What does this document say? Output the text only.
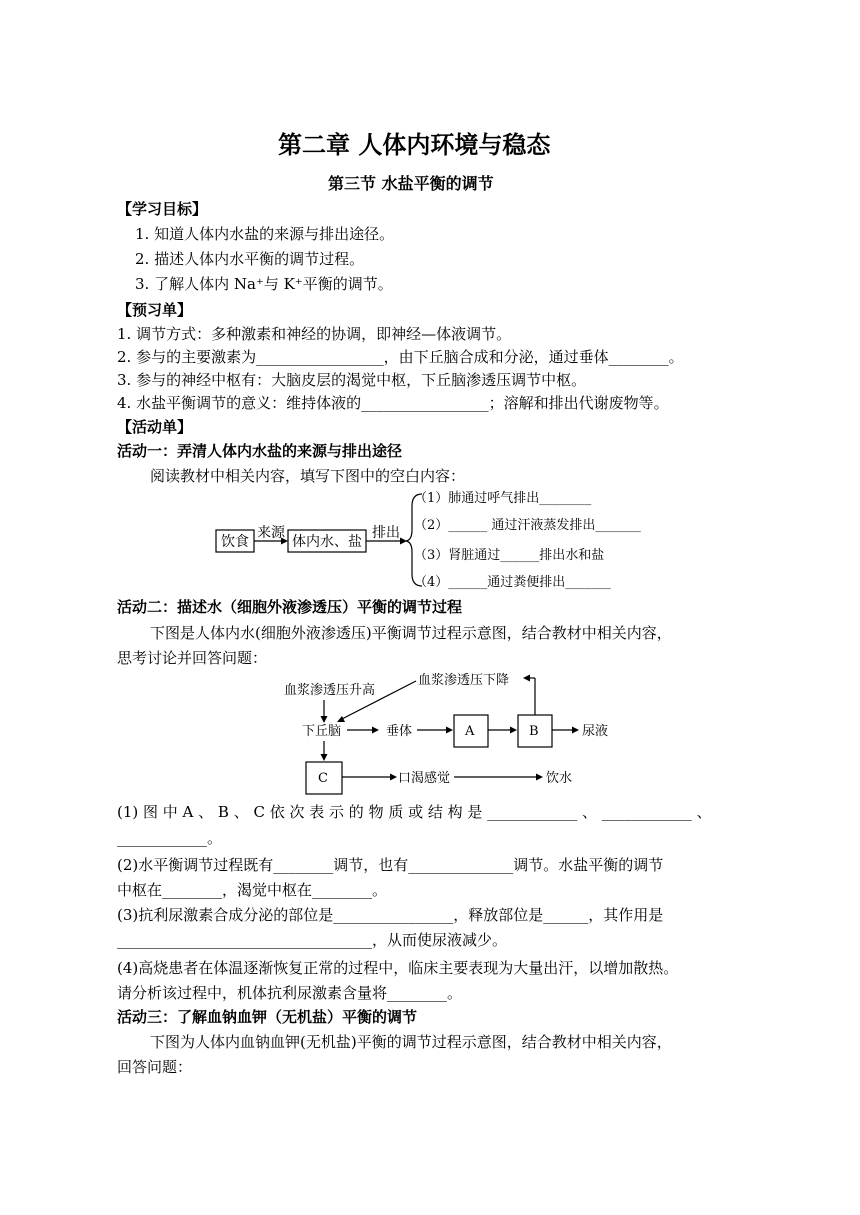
第二章 人体内环境与稳态
第三节 水盐平衡的调节
【学习目标】
1. 知道人体内水盐的来源与排出途径。
2. 描述人体内水平衡的调节过程。
3. 了解人体内 Na⁺与 K⁺平衡的调节。
【预习单】
1. 调节方式：多种激素和神经的协调，即神经—体液调节。
2. 参与的主要激素为_________________，由下丘脑合成和分泌，通过垂体________。
3. 参与的神经中枢有：大脑皮层的渴觉中枢，下丘脑渗透压调节中枢。
4. 水盐平衡调节的意义：维持体液的_________________；溶解和排出代谢废物等。
【活动单】
活动一：弄清人体内水盐的来源与排出途径
阅读教材中相关内容，填写下图中的空白内容：
饮食
来源
体内水、盐
排出
（1）肺通过呼气排出________
（2）______ 通过汗液蒸发排出_______
（3）肾脏通过______排出水和盐
（4）______通过粪便排出_______
活动二：描述水（细胞外液渗透压）平衡的调节过程
下图是人体内水(细胞外液渗透压)平衡调节过程示意图，结合教材中相关内容，
思考讨论并回答问题：
血浆渗透压升高
血浆渗透压下降
下丘脑	垂体	A	B	尿液
C	口渴感觉	饮水
(1) 图 中 A 、 B 、 C 依 次 表 示 的 物 质 或 结 构 是 ____________ 、 ____________ 、
____________。
(2)水平衡调节过程既有________调节，也有______________调节。水盐平衡的调节
中枢在________，渴觉中枢在________。
(3)抗利尿激素合成分泌的部位是________________，释放部位是______，其作用是
__________________________________，从而使尿液减少。
(4)高烧患者在体温逐渐恢复正常的过程中，临床主要表现为大量出汗，以增加散热。
请分析该过程中，机体抗利尿激素含量将________。
活动三：了解血钠血钾（无机盐）平衡的调节
下图为人体内血钠血钾(无机盐)平衡的调节过程示意图，结合教材中相关内容，
回答问题：
